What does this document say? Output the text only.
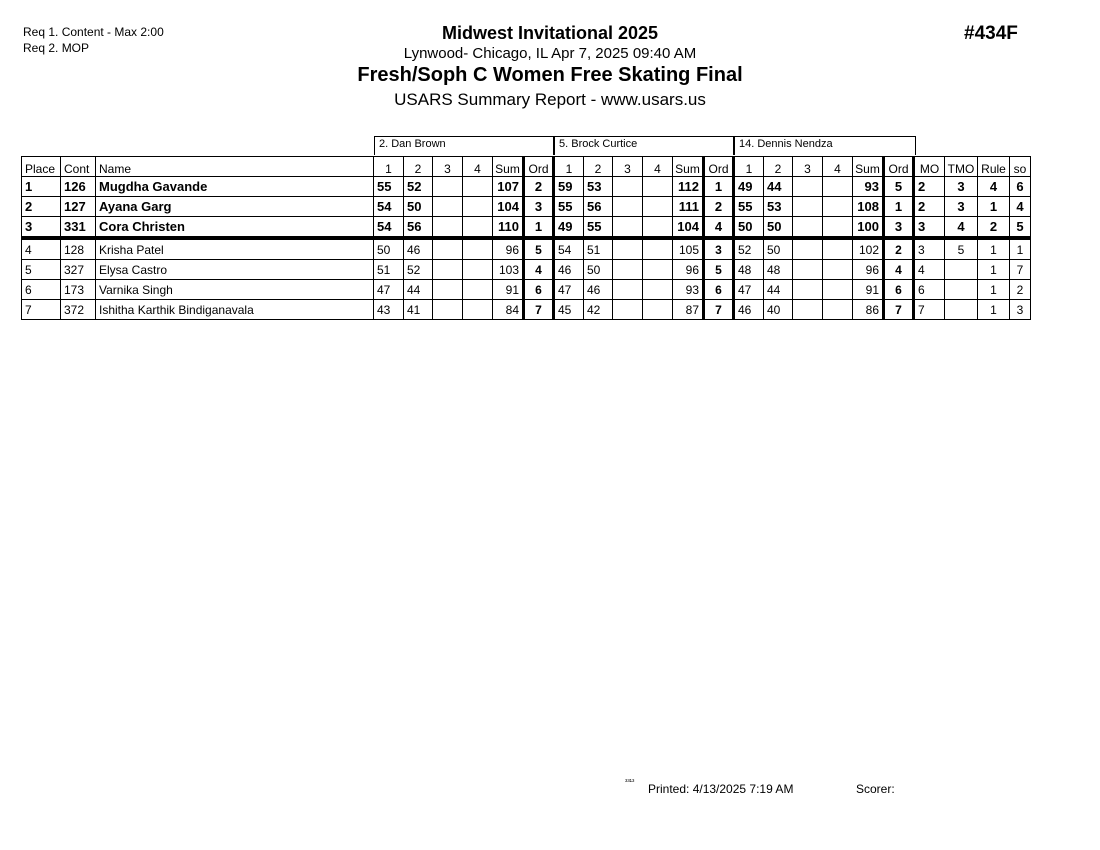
Req 1. Content - Max 2:00
Req 2. MOP
Midwest Invitational 2025
Lynwood- Chicago, IL Apr 7, 2025 09:40 AM
Fresh/Soph C Women Free Skating Final
USARS Summary Report - www.usars.us
#434F
2. Dan Brown	5. Brock Curtice	14. Dennis Nendza
Place	Cont	Name	1	2	3	4	Sum	Ord	1	2	3	4	Sum	Ord	1	2	3	4	Sum	Ord	MO	TMO	Rule	so
1	126	Mugdha Gavande	55	52			107	2	59	53			112	1	49	44			93	5	2	3	4	6
2	127	Ayana Garg	54	50			104	3	55	56			111	2	55	53			108	1	2	3	1	4
3	331	Cora Christen	54	56			110	1	49	55			104	4	50	50			100	3	3	4	2	5
4	128	Krisha Patel	50	46			96	5	54	51			105	3	52	50			102	2	3	5	1	1
5	327	Elysa Castro	51	52			103	4	46	50			96	5	48	48			96	4	4		1	7
6	173	Varnika Singh	47	44			91	6	47	46			93	6	47	44			91	6	6		1	2
7	372	Ishitha Karthik Bindiganavala	43	41			84	7	45	42			87	7	46	40			86	7	7		1	3
³³¹³ Printed: 4/13/2025 7:19 AM	Scorer:
